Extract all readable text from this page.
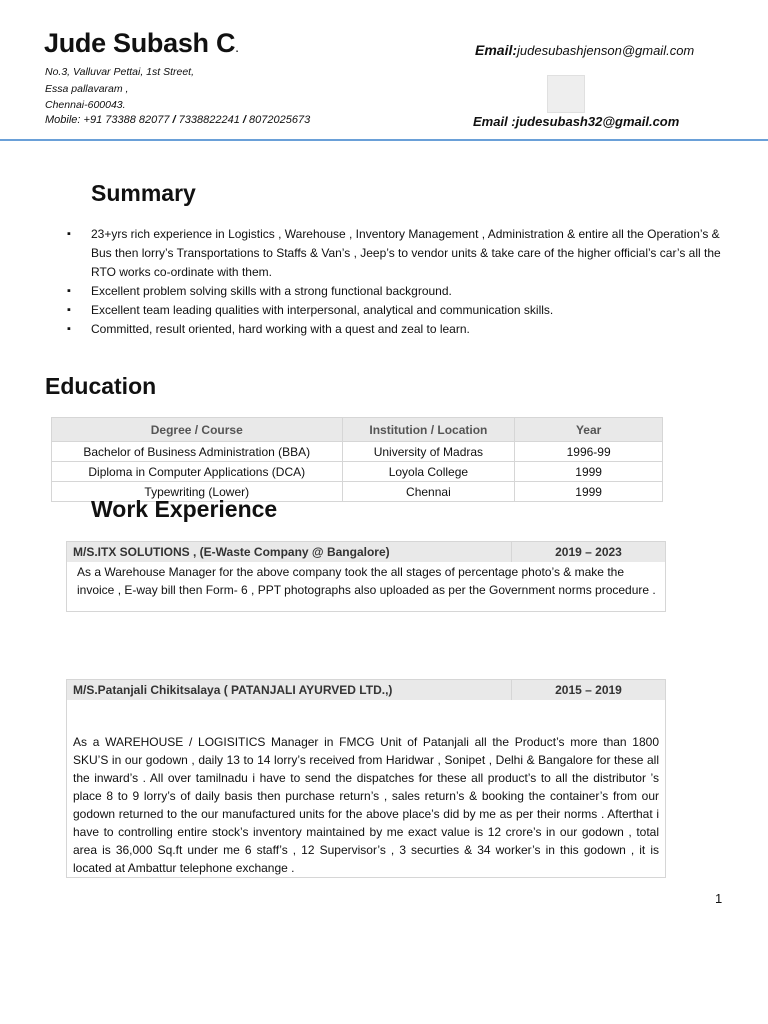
Jude Subash C.
No.3, Valluvar Pettai, 1st Street,
Essa pallavaram ,
Chennai-600043.
Mobile: +91 73388 82077 / 7338822241 / 8072025673
Email:judesubashjenson@gmail.com
Email :judesubash32@gmail.com
Summary
▪ 23+yrs rich experience in Logistics , Warehouse , Inventory Management , Administration & entire all the Operation’s & Bus then lorry’s Transportations to Staffs & Van’s , Jeep’s to vendor units & take care of the higher official’s car’s all the RTO works co-ordinate with them.
▪ Excellent problem solving skills with a strong functional background.
▪ Excellent team leading qualities with interpersonal, analytical and communication skills.
▪ Committed, result oriented, hard working with a quest and zeal to learn.
Education
Degree / Course	Institution / Location	Year
Bachelor of Business Administration (BBA)	University of Madras	1996-99
Diploma in Computer Applications (DCA)	Loyola College	1999
Typewriting (Lower)	Chennai	1999
Work Experience
M/S.ITX SOLUTIONS , (E-Waste Company @ Bangalore)	2019 – 2023
As a Warehouse Manager for the above company took the all stages of percentage photo’s & make the invoice , E-way bill then Form- 6 , PPT photographs also uploaded as per the Government norms procedure .
M/S.Patanjali Chikitsalaya ( PATANJALI AYURVED LTD.,)	2015 – 2019
As a WAREHOUSE / LOGISITICS Manager in FMCG Unit of Patanjali all the Product’s more than 1800 SKU’S in our godown , daily 13 to 14 lorry’s received from Haridwar , Sonipet , Delhi & Bangalore for these all the inward’s . All over tamilnadu i have to send the dispatches for these all product’s to all the distributor ’s place 8 to 9 lorry’s of daily basis then purchase return’s , sales return’s & booking the container’s from our godown returned to the our manufactured units for the above place’s did by me as per their norms . Afterthat i have to controlling entire stock’s inventory maintained by me exact value is 12 crore’s in our godown , total area is 36,000 Sq.ft under me 6 staff’s , 12 Supervisor’s , 3 securties & 34 worker’s in this godown , it is located at Ambattur telephone exchange .
1
